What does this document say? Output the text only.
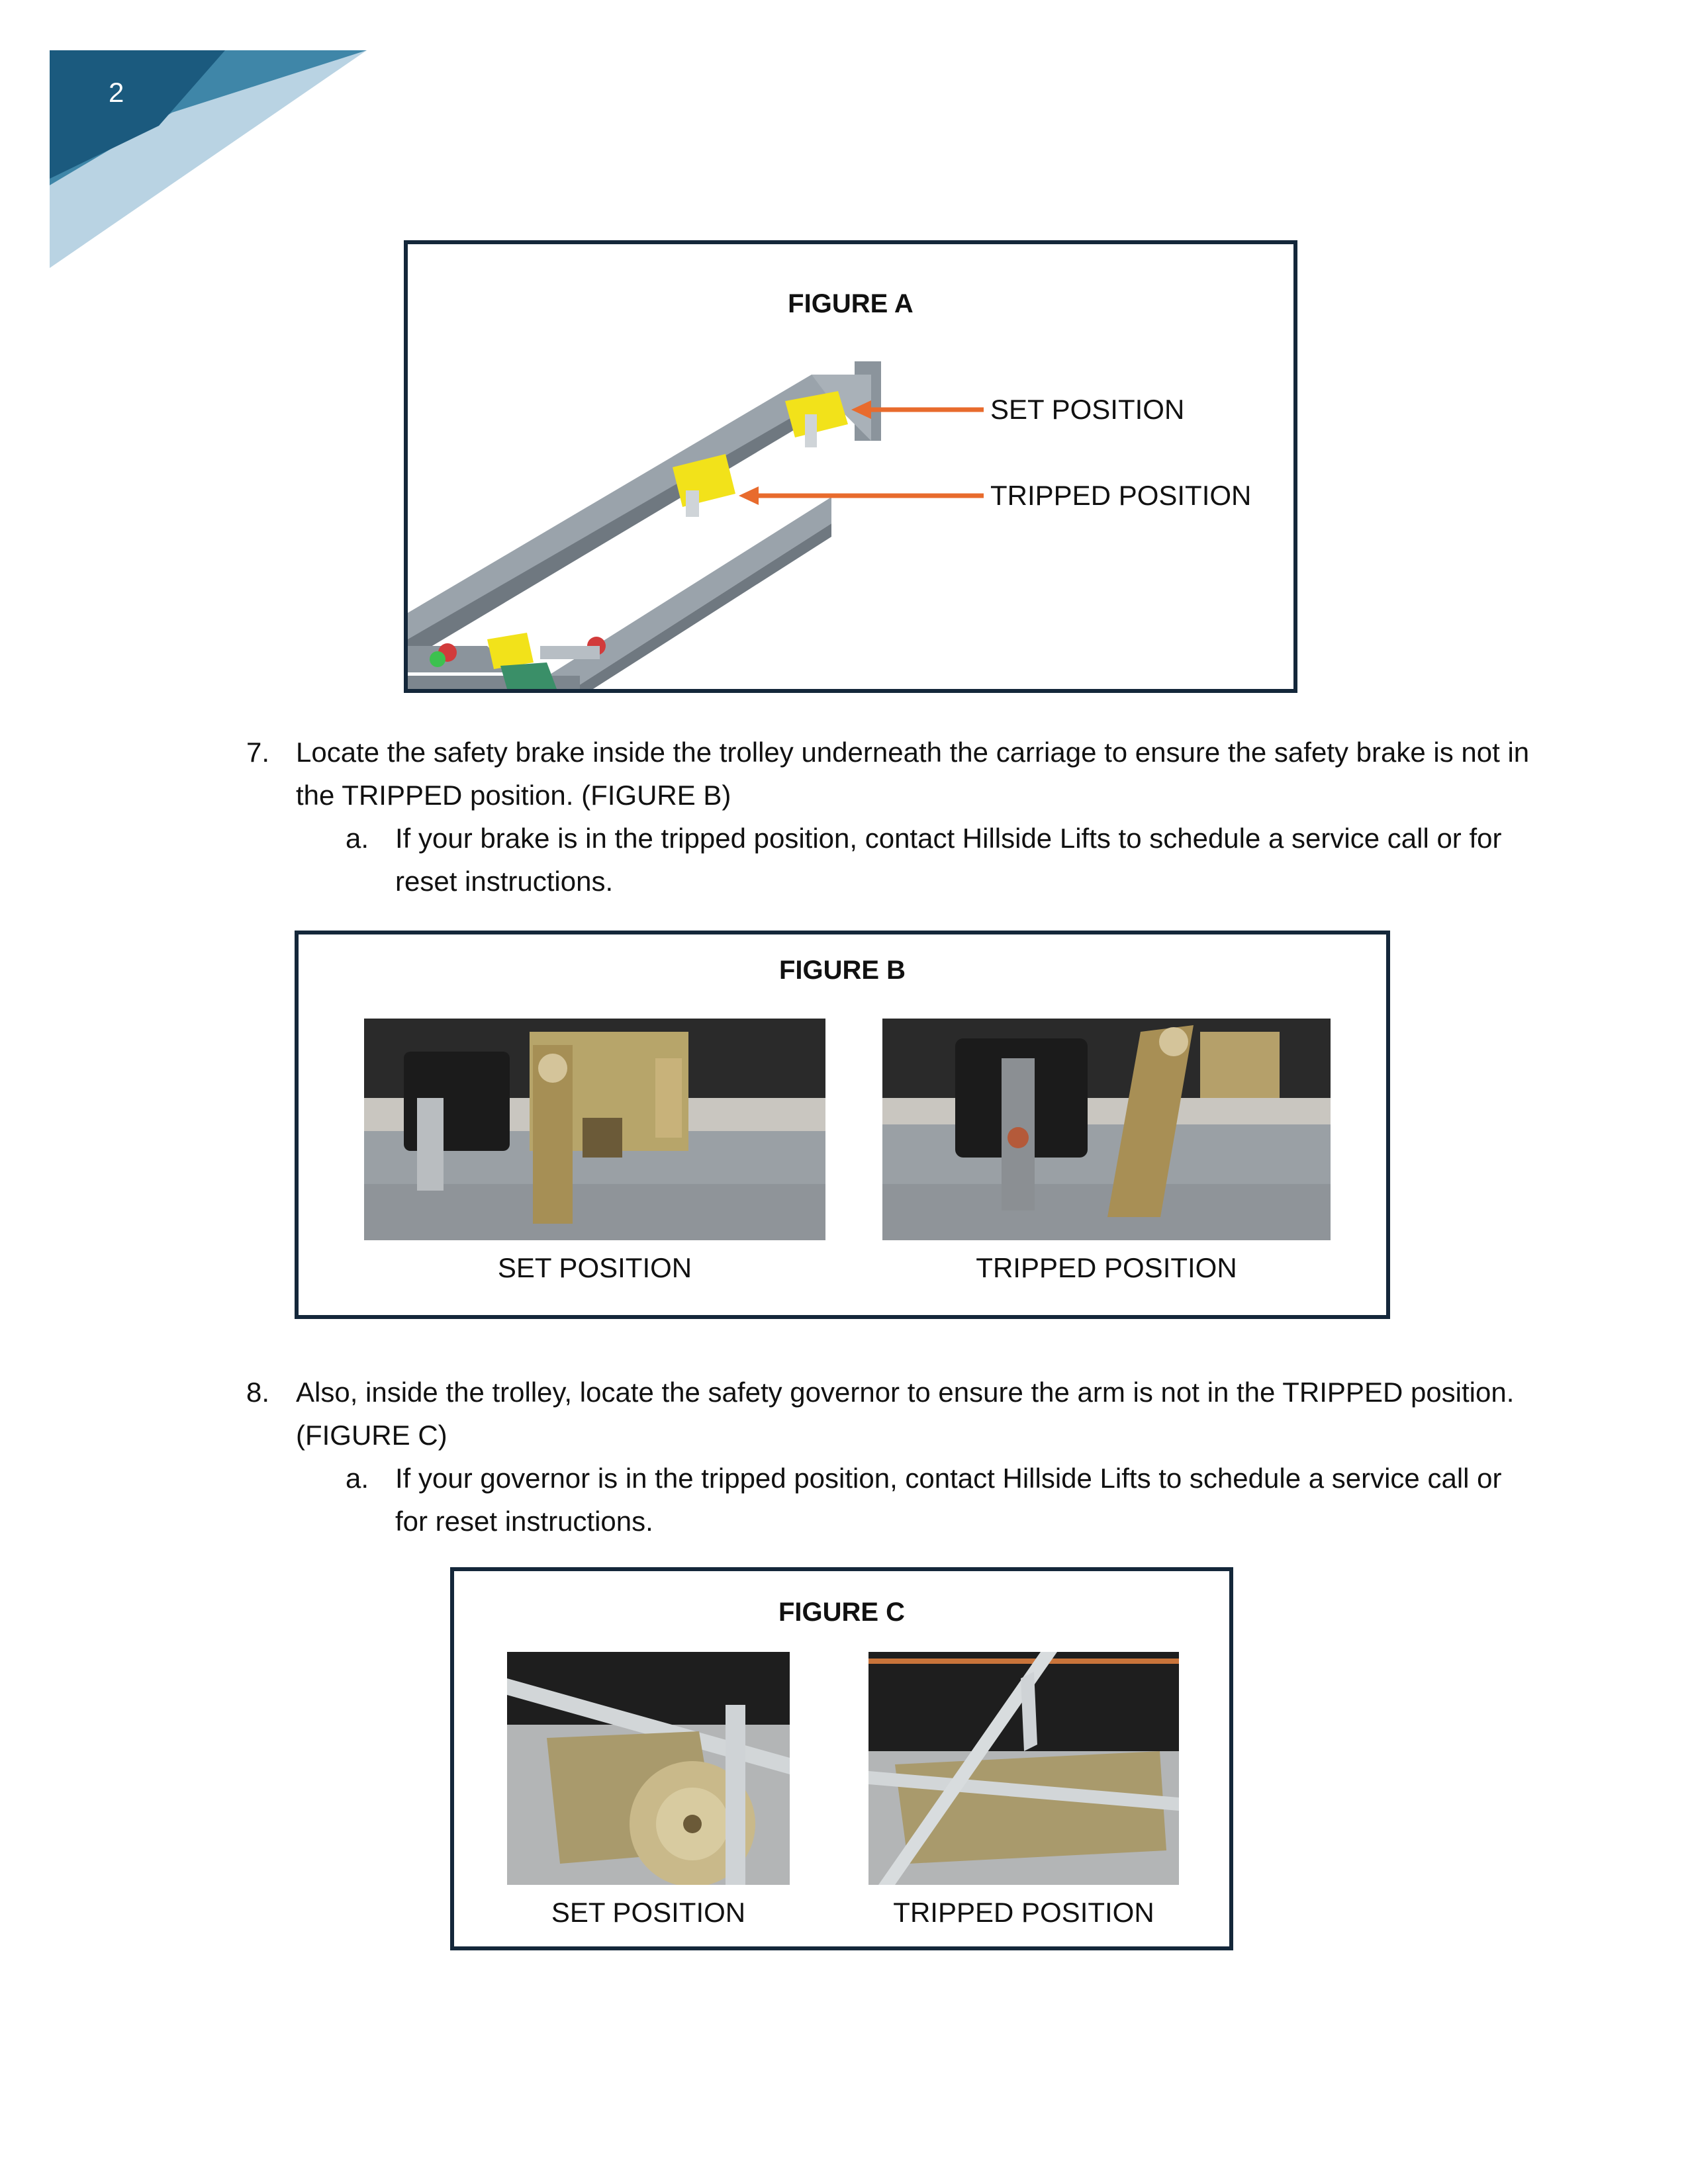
2
FIGURE A
SET POSITION
TRIPPED POSITION
7. Locate the safety brake inside the trolley underneath the carriage to ensure the safety brake is not in
the TRIPPED position. (FIGURE B)
a. If your brake is in the tripped position, contact Hillside Lifts to schedule a service call or for
reset instructions.
FIGURE B
SET POSITION	TRIPPED POSITION
8. Also, inside the trolley, locate the safety governor to ensure the arm is not in the TRIPPED position.
(FIGURE C)
a. If your governor is in the tripped position, contact Hillside Lifts to schedule a service call or
for reset instructions.
FIGURE C
SET POSITION	TRIPPED POSITION
